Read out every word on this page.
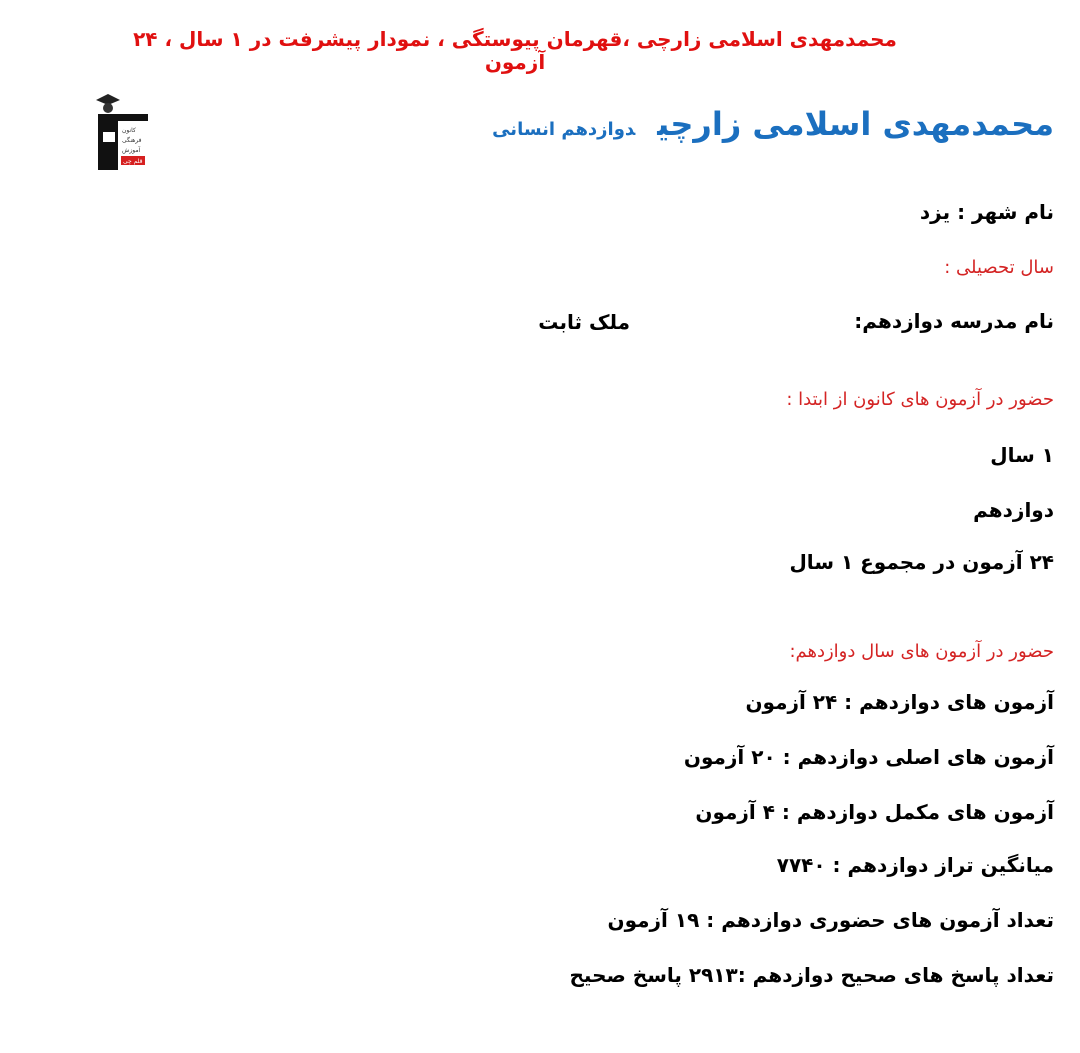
محمدمهدی اسلامی زارچی ،قهرمان پیوستگی ، نمودار پیشرفت در ۱ سال ، ۲۴ آزمون
کانون
فرهنگی
آموزش
قلم چی
محمدمهدی اسلامی زارچیدوازدهم انسانی
نام شهر : یزد
سال تحصیلی :
نام مدرسه دوازدهم:
ملک ثابت
حضور در آزمون های کانون از ابتدا :
۱ سال
دوازدهم
۲۴ آزمون در مجموع ۱ سال
حضور در آزمون های سال دوازدهم:
آزمون های دوازدهم : ۲۴ آزمون
آزمون های اصلی دوازدهم : ۲۰ آزمون
آزمون های مکمل دوازدهم : ۴ آزمون
میانگین تراز دوازدهم : ۷۷۴۰
تعداد آزمون های حضوری دوازدهم : ۱۹ آزمون
تعداد پاسخ های صحیح دوازدهم :۲۹۱۳ پاسخ صحیح
